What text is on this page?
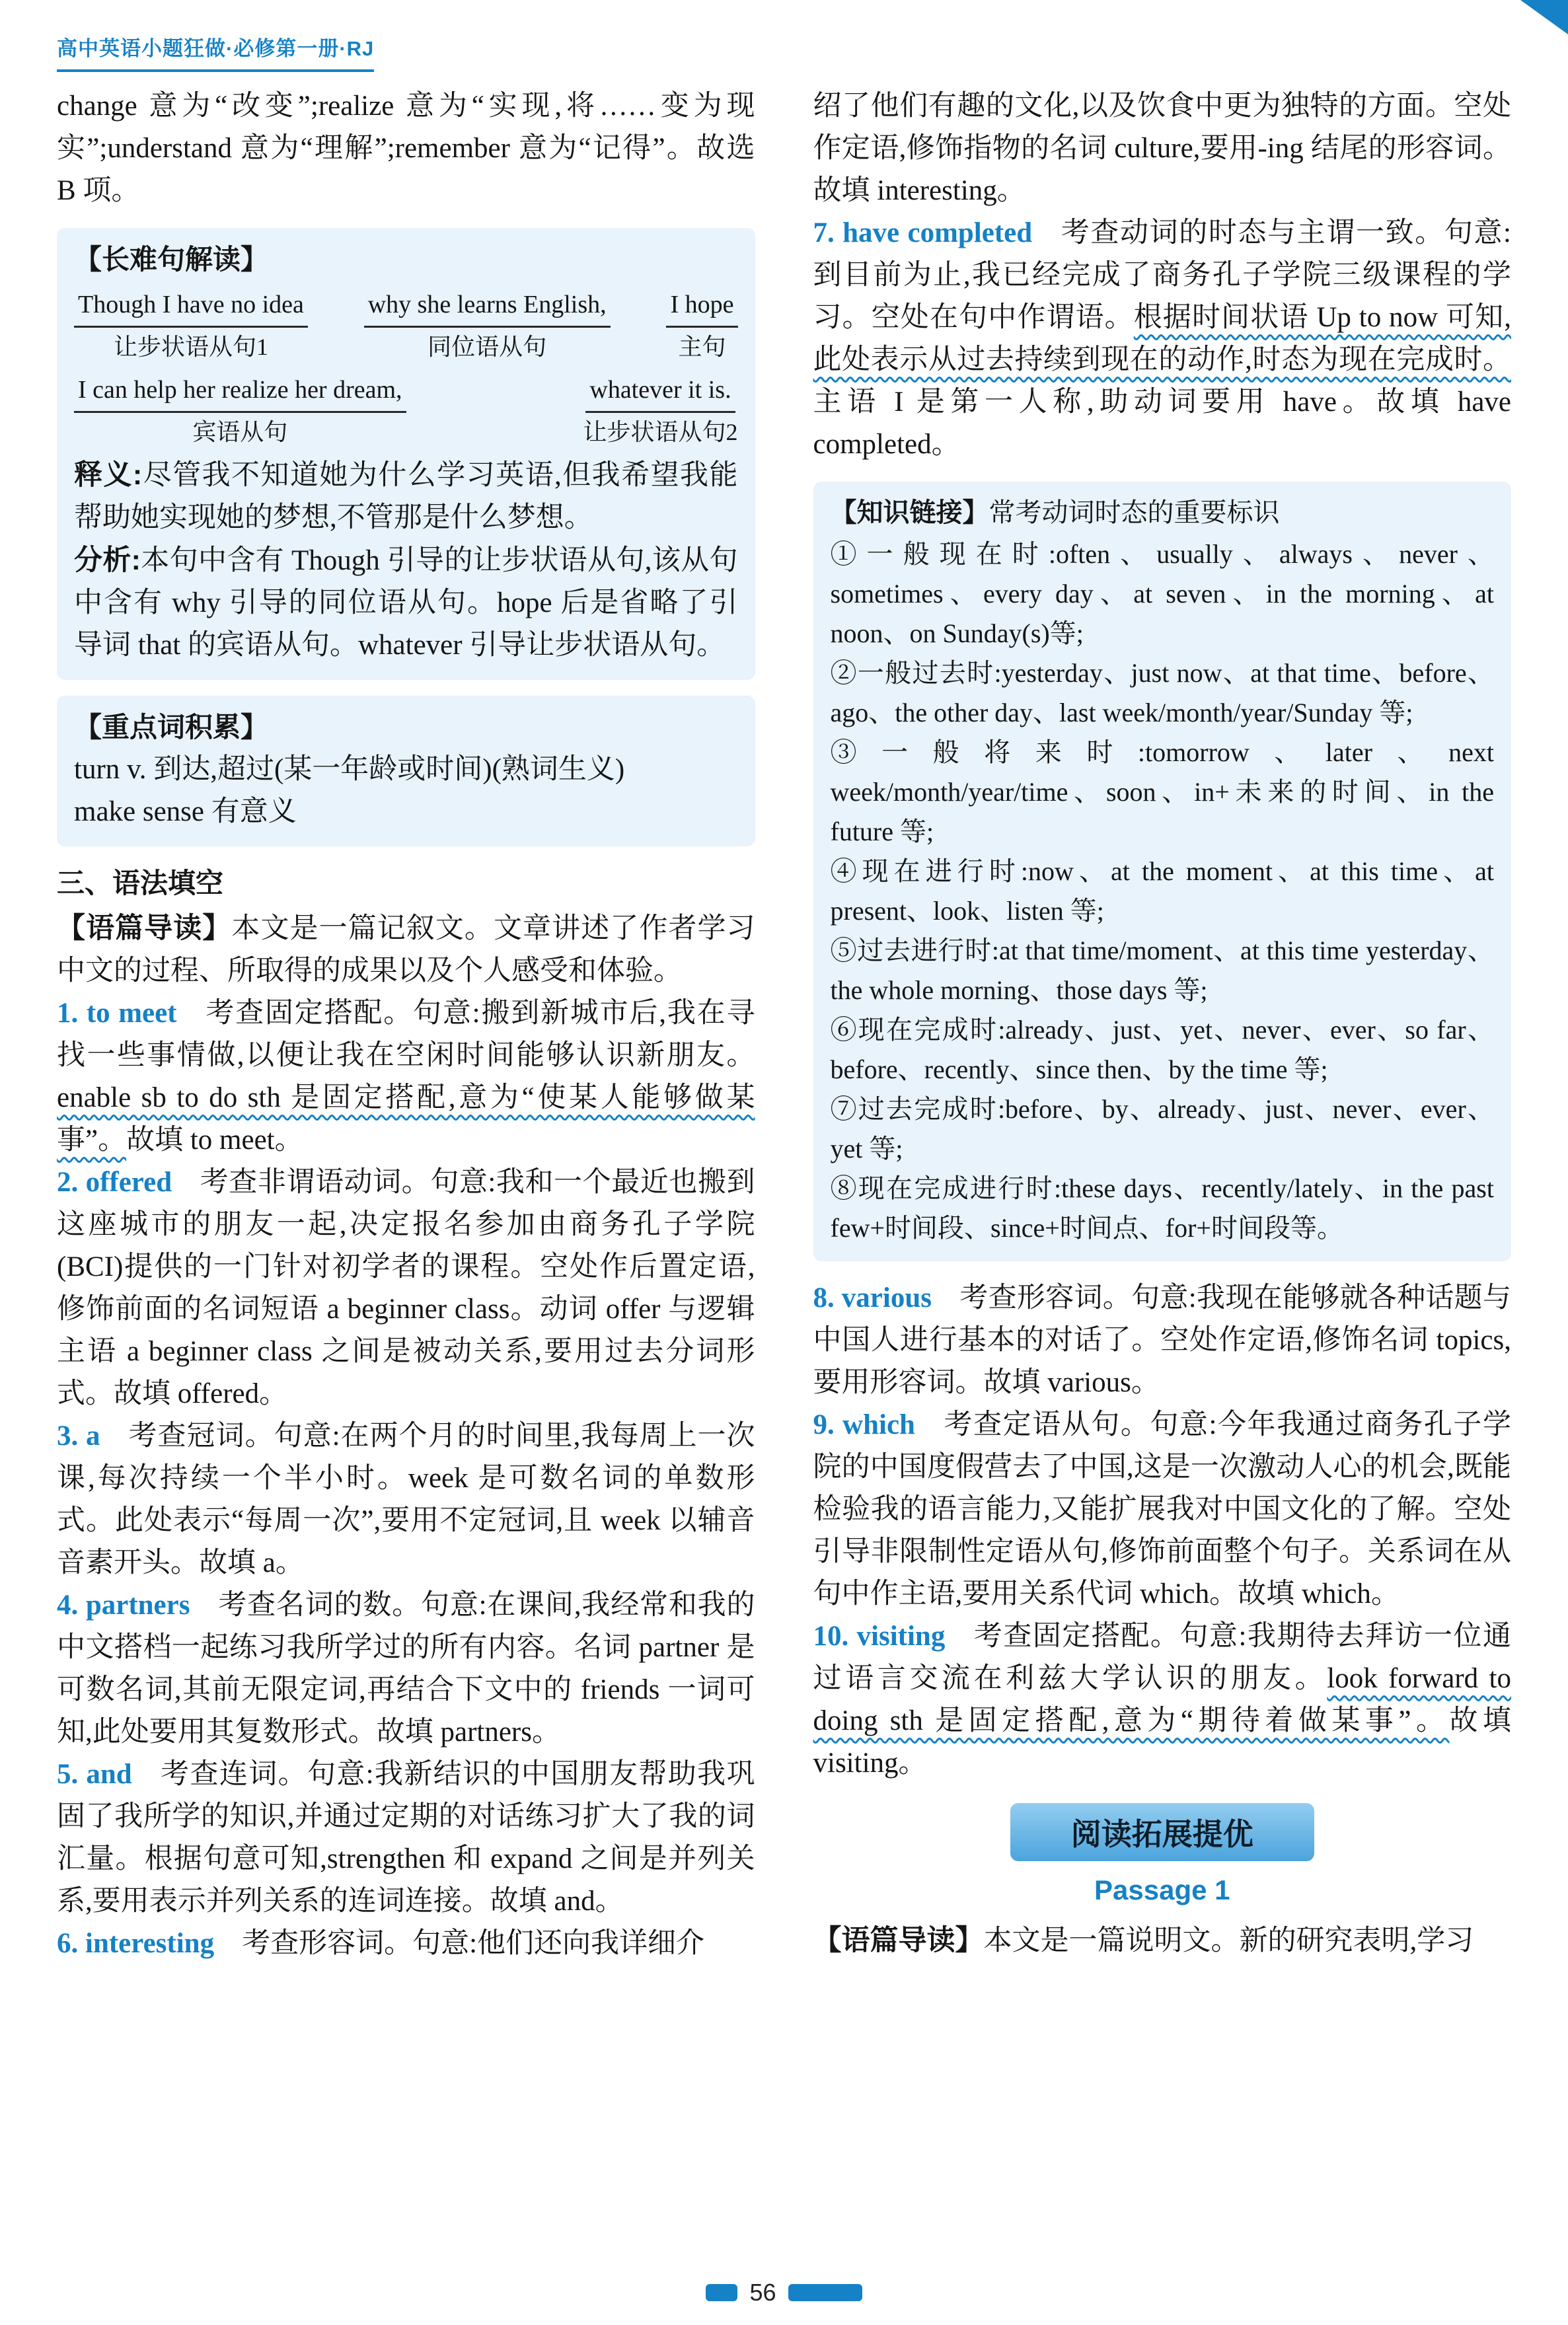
高中英语小题狂做·必修第一册·RJ

change 意为“改变”;realize 意为“实现,将……变为现实”;understand 意为“理解”;remember 意为“记得”。故选 B 项。

【长难句解读】
Though I have no idea
让步状语从句1
why she learns English,
同位语从句
I hope
主句
I can help her realize her dream,
宾语从句
whatever it is.
让步状语从句2

释义:尽管我不知道她为什么学习英语,但我希望我能帮助她实现她的梦想,不管那是什么梦想。

分析:本句中含有 Though 引导的让步状语从句,该从句中含有 why 引导的同位语从句。hope 后是省略了引导词 that 的宾语从句。whatever 引导让步状语从句。

【重点词积累】

turn v. 到达,超过(某一年龄或时间)(熟词生义)

make sense 有意义

三、语法填空

【语篇导读】本文是一篇记叙文。文章讲述了作者学习中文的过程、所取得的成果以及个人感受和体验。

1. to meet 考查固定搭配。句意:搬到新城市后,我在寻找一些事情做,以便让我在空闲时间能够认识新朋友。enable sb to do sth 是固定搭配,意为“使某人能够做某事”。故填 to meet。

2. offered 考查非谓语动词。句意:我和一个最近也搬到这座城市的朋友一起,决定报名参加由商务孔子学院(BCI)提供的一门针对初学者的课程。空处作后置定语,修饰前面的名词短语 a beginner class。动词 offer 与逻辑主语 a beginner class 之间是被动关系,要用过去分词形式。故填 offered。

3. a 考查冠词。句意:在两个月的时间里,我每周上一次课,每次持续一个半小时。week 是可数名词的单数形式。此处表示“每周一次”,要用不定冠词,且 week 以辅音音素开头。故填 a。

4. partners 考查名词的数。句意:在课间,我经常和我的中文搭档一起练习我所学过的所有内容。名词 partner 是可数名词,其前无限定词,再结合下文中的 friends 一词可知,此处要用其复数形式。故填 partners。

5. and 考查连词。句意:我新结识的中国朋友帮助我巩固了我所学的知识,并通过定期的对话练习扩大了我的词汇量。根据句意可知,strengthen 和 expand 之间是并列关系,要用表示并列关系的连词连接。故填 and。

6. interesting 考查形容词。句意:他们还向我详细介

绍了他们有趣的文化,以及饮食中更为独特的方面。空处作定语,修饰指物的名词 culture,要用-ing 结尾的形容词。故填 interesting。

7. have completed 考查动词的时态与主谓一致。句意:到目前为止,我已经完成了商务孔子学院三级课程的学习。空处在句中作谓语。根据时间状语 Up to now 可知,此处表示从过去持续到现在的动作,时态为现在完成时。主语 I 是第一人称,助动词要用 have。故填 have completed。

【知识链接】常考动词时态的重要标识

①一般现在时:often、usually、always、never、sometimes、every day、at seven、in the morning、at noon、on Sunday(s)等;

②一般过去时:yesterday、just now、at that time、before、ago、the other day、last week/month/year/Sunday 等;

③一般将来时:tomorrow、later、next week/month/year/time、soon、in+未来的时间、in the future 等;

④现在进行时:now、at the moment、at this time、at present、look、listen 等;

⑤过去进行时:at that time/moment、at this time yesterday、the whole morning、those days 等;

⑥现在完成时:already、just、yet、never、ever、so far、before、recently、since then、by the time 等;

⑦过去完成时:before、by、already、just、never、ever、yet 等;

⑧现在完成进行时:these days、recently/lately、in the past few+时间段、since+时间点、for+时间段等。

8. various 考查形容词。句意:我现在能够就各种话题与中国人进行基本的对话了。空处作定语,修饰名词 topics,要用形容词。故填 various。

9. which 考查定语从句。句意:今年我通过商务孔子学院的中国度假营去了中国,这是一次激动人心的机会,既能检验我的语言能力,又能扩展我对中国文化的了解。空处引导非限制性定语从句,修饰前面整个句子。关系词在从句中作主语,要用关系代词 which。故填 which。

10. visiting 考查固定搭配。句意:我期待去拜访一位通过语言交流在利兹大学认识的朋友。look forward to doing sth 是固定搭配,意为“期待着做某事”。故填 visiting。

阅读拓展提优
Passage 1

【语篇导读】本文是一篇说明文。新的研究表明,学习

56
